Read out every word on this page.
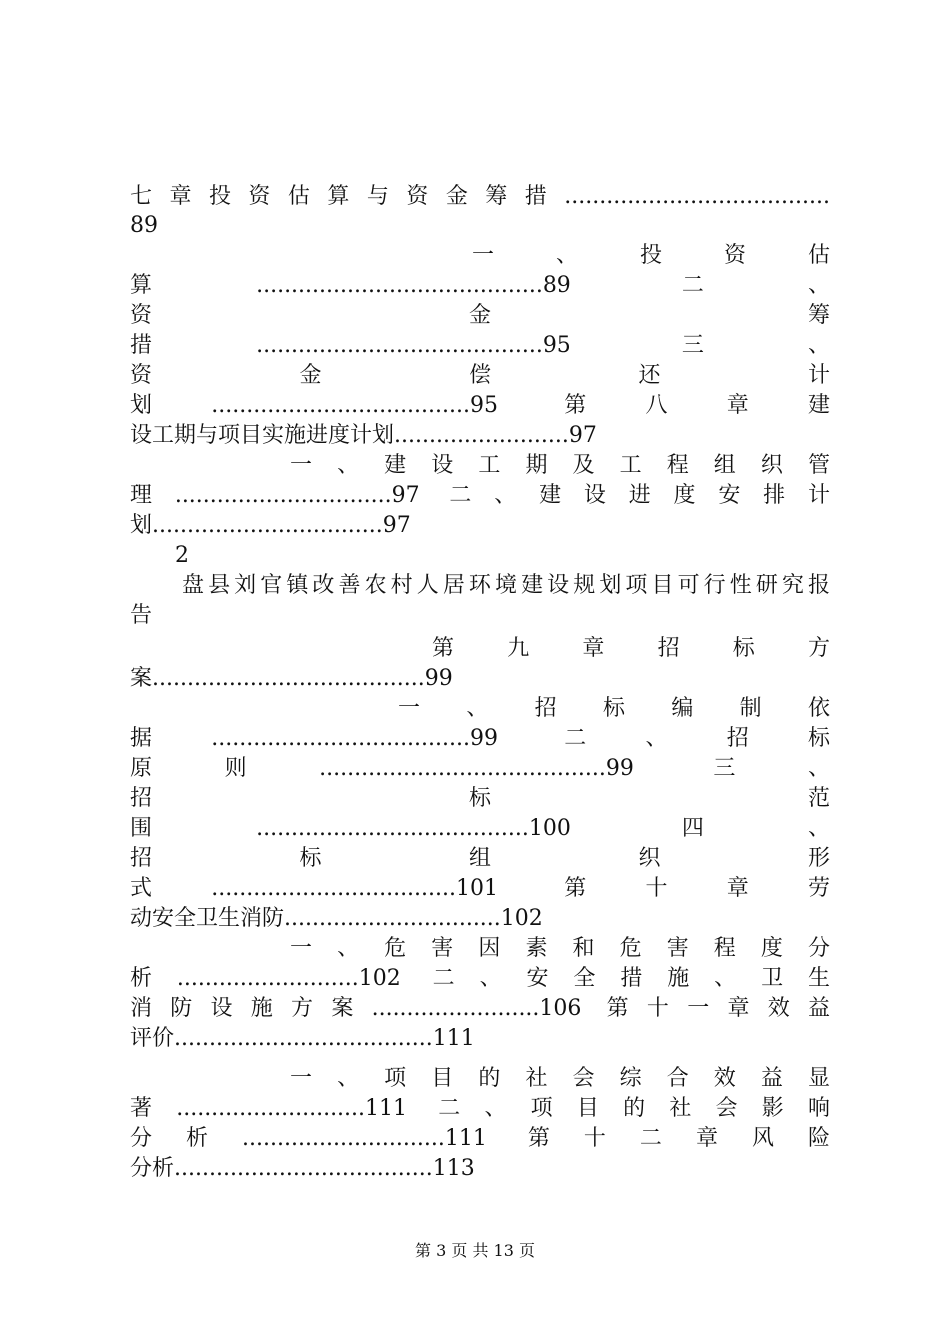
七章投资估算与资金筹措......................................
89
一 、 投 资 估
算.........................................89 二、
资 金 筹
措.........................................95 三、
资 金 偿 还 计
划.....................................95 第八章建
设工期与项目实施进度计划.........................97
一 、 建 设 工 期 及 工 程 组 织 管
理...............................97 二、建设进度安排计
划.................................97
2
盘县刘官镇改善农村人居环境建设规划项目可行性研究报
告
第 九 章 招 标 方
案.......................................99
一 、 招 标 编 制 依
据.....................................99 二、招标
原则.........................................99 三、
招 标 范
围.......................................100 四、
招 标 组 织 形
式...................................101 第十章劳
动安全卫生消防...............................102
一 、 危 害 因 素 和 危 害 程 度 分
析..........................102 二、安全措施、卫生
消防设施方案........................106 第十一章效益
评价.....................................111
一 、 项 目 的 社 会 综 合 效 益 显
著...........................111 二、项目的社会影响
分析.............................111 第十二章风险
分析.....................................113
第 3 页 共 13 页
